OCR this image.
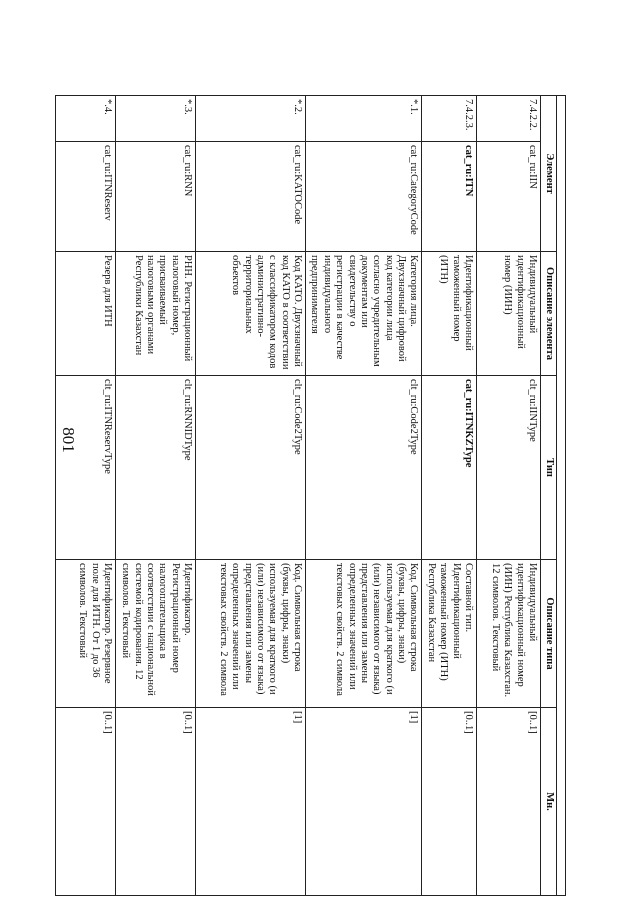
801

Элемент		Описание элемента	Тип	Описание типа	Мн.
7.4.2.2.	cat_ru:IIN	Индивидуальный идентификационный номер (ИИН)	clt_ru:IINType	Индивидуальный идентификационный номер (ИИН) Республика Казахстан. 12 символов. Текстовый	[0..1]
7.4.2.3.	cat_ru:ITN	Идентификационный таможенный номер (ИТН)	cat_ru:ITNKZType	Составной тип. Идентификационный таможенный номер (ИТН) Республика Казахстан	[0..1]
*.1.	cat_ru:CategoryCode	Категория лица. Двухзначный цифровой код категории лица согласно учредительным документам или свидетельству о регистрации в качестве индивидуального предпринимателя	clt_ru:Code2Type	Код. Символьная строка (буквы, цифры, знаки) используемая для краткого (и (или) независимого от языка) представления или замены определенных значений или текстовых свойств. 2 символа	[1]
*.2.	cat_ru:KATOCode	Код КАТО. Двухзначный код КАТО в соответствии с классификатором кодов административно-территориальных объектов	clt_ru:Code2Type	Код. Символьная строка (буквы, цифры, знаки) используемая для краткого (и (или) независимого от языка) представления или замены определенных значений или текстовых свойств. 2 символа	[1]
*.3.	cat_ru:RNN	РНН. Регистрационный налоговый номер, присваиваемый налоговыми органами Республики Казахстан	clt_ru:RNNIDType	Идентификатор. Регистрационный номер налогоплательщика в соответствии с национальной системой кодирования. 12 символов. Текстовый	[0..1]
*.4.	cat_ru:ITNReserv	Резерв для ИТН	clt_ru:ITNReservType	Идентификатор. Резервное поле для ИТН. От 1 до 36 символов. Текстовый	[0..1]
